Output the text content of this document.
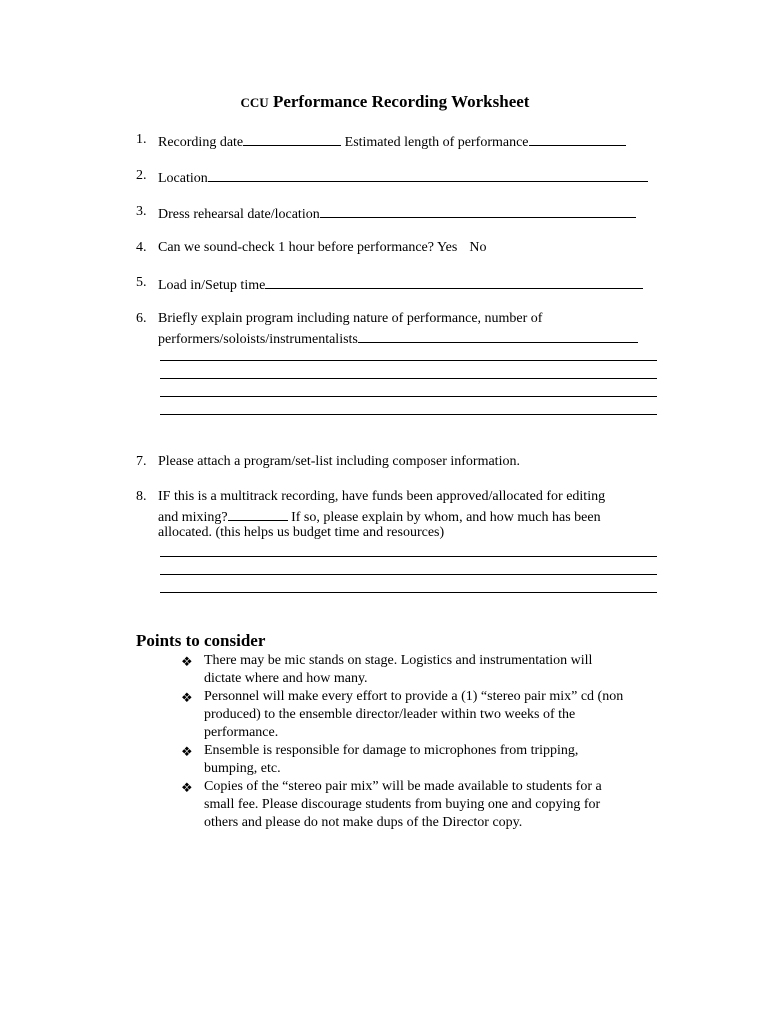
CCU Performance Recording Worksheet
1. Recording date	Estimated length of performance
2. Location
3. Dress rehearsal date/location
4. Can we sound-check 1 hour before performance? Yes No
5. Load in/Setup time
6. Briefly explain program including nature of performance, number of
performers/soloists/instrumentalists
7. Please attach a program/set-list including composer information.
8. IF this is a multitrack recording, have funds been approved/allocated for editing
and mixing?	If so, please explain by whom, and how much has been
allocated. (this helps us budget time and resources)
Points to consider
❖ There may be mic stands on stage. Logistics and instrumentation will
dictate where and how many.
❖ Personnel will make every effort to provide a (1) “stereo pair mix” cd (non
produced) to the ensemble director/leader within two weeks of the
performance.
❖ Ensemble is responsible for damage to microphones from tripping,
bumping, etc.
❖ Copies of the “stereo pair mix” will be made available to students for a
small fee. Please discourage students from buying one and copying for
others and please do not make dups of the Director copy.
